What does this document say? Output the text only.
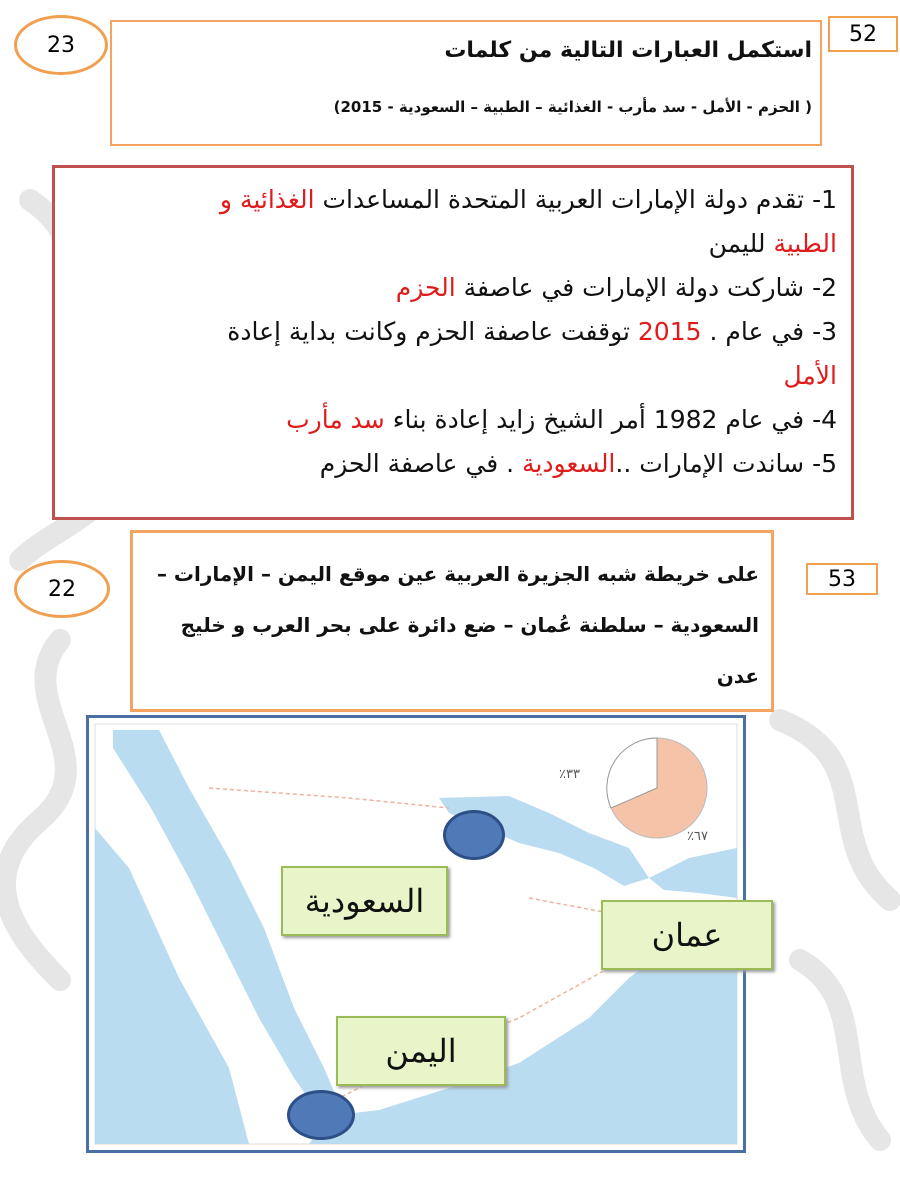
23	52
استكمل العبارات التالية من كلمات
( الحزم - الأمل - سد مأرب - الغذائية – الطبية – السعودية - 2015)
1- تقدم دولة الإمارات العربية المتحدة المساعدات الغذائية و
الطبية لليمن
2- شاركت دولة الإمارات في عاصفة الحزم
3- في عام . 2015 توقفت عاصفة الحزم وكانت بداية إعادة
الأمل
4- في عام 1982 أمر الشيخ زايد إعادة بناء سد مأرب
5- ساندت الإمارات ..السعودية . في عاصفة الحزم
22	53
على خريطة شبه الجزيرة العربية عين موقع اليمن – الإمارات – السعودية – سلطنة عُمان – ضع دائرة على بحر العرب و خليج عدن
٪٣٣
٪٦٧
السعودية
عمان
اليمن
